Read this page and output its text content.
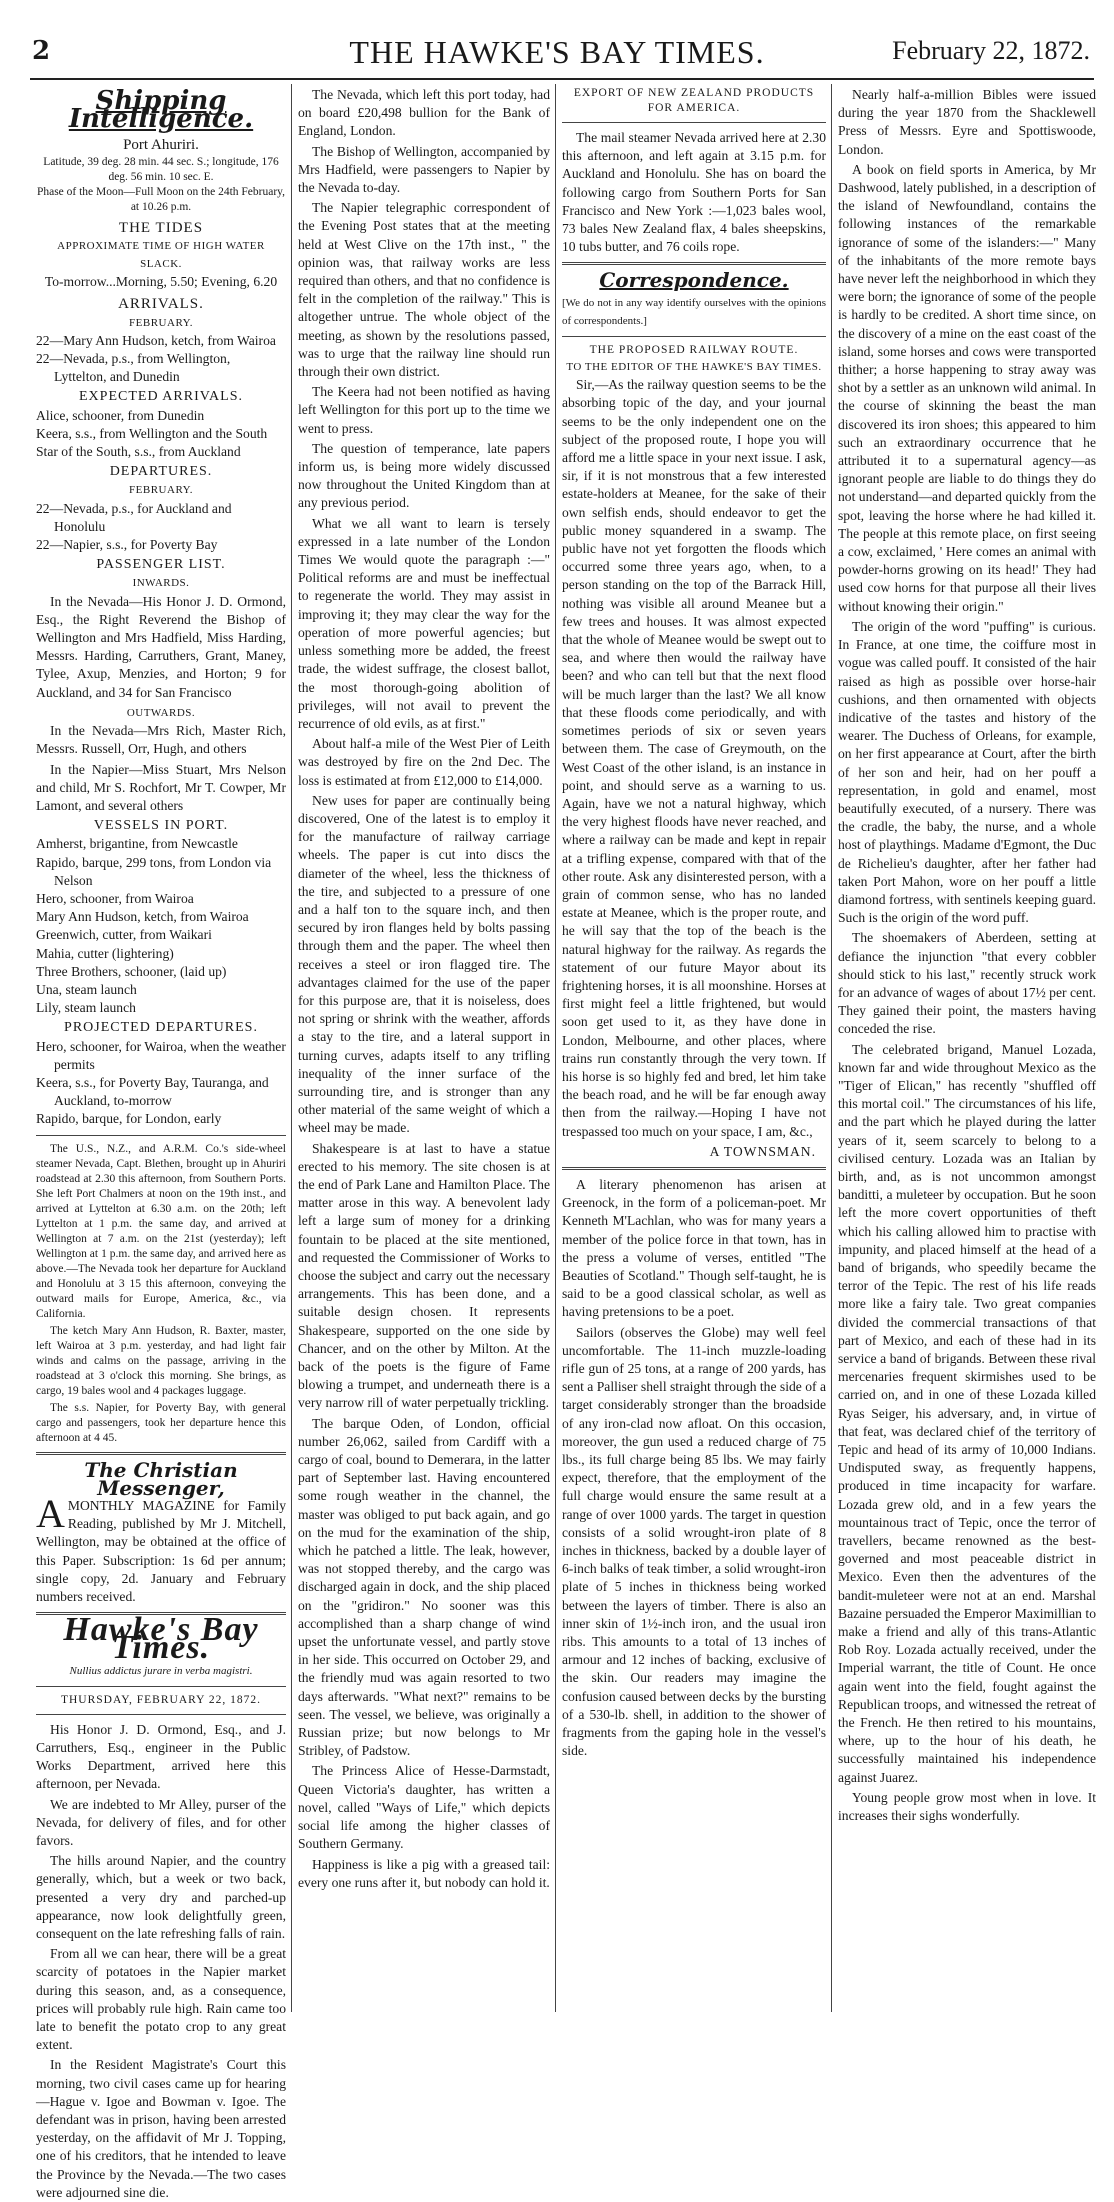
2	THE HAWKE'S BAY TIMES.	February 22, 1872.
Shipping Intelligence.
Port Ahuriri.
Latitude, 39 deg. 28 min. 44 sec. S.; longitude, 176 deg. 56 min. 10 sec. E.
Phase of the Moon—Full Moon on the 24th February, at 10.26 p.m.
THE TIDES
APPROXIMATE TIME OF HIGH WATER SLACK.
To-morrow...Morning, 5.50; Evening, 6.20
ARRIVALS.
FEBRUARY.

22—Mary Ann Hudson, ketch, from Wairoa

22—Nevada, p.s., from Wellington, Lyttelton, and Dunedin

EXPECTED ARRIVALS.

Alice, schooner, from Dunedin

Keera, s.s., from Wellington and the South

Star of the South, s.s., from Auckland

DEPARTURES.
FEBRUARY.

22—Nevada, p.s., for Auckland and Honolulu

22—Napier, s.s., for Poverty Bay

PASSENGER LIST.
INWARDS.

In the Nevada—His Honor J. D. Ormond, Esq., the Right Reverend the Bishop of Wellington and Mrs Hadfield, Miss Harding, Messrs. Harding, Carruthers, Grant, Maney, Tylee, Axup, Menzies, and Horton; 9 for Auckland, and 34 for San Francisco

OUTWARDS.

In the Nevada—Mrs Rich, Master Rich, Messrs. Russell, Orr, Hugh, and others

In the Napier—Miss Stuart, Mrs Nelson and child, Mr S. Rochfort, Mr T. Cowper, Mr Lamont, and several others

VESSELS IN PORT.

Amherst, brigantine, from Newcastle

Rapido, barque, 299 tons, from London via Nelson

Hero, schooner, from Wairoa

Mary Ann Hudson, ketch, from Wairoa

Greenwich, cutter, from Waikari

Mahia, cutter (lightering)

Three Brothers, schooner, (laid up)

Una, steam launch

Lily, steam launch

PROJECTED DEPARTURES.

Hero, schooner, for Wairoa, when the weather permits

Keera, s.s., for Poverty Bay, Tauranga, and Auckland, to-morrow

Rapido, barque, for London, early

The U.S., N.Z., and A.R.M. Co.'s side-wheel steamer Nevada, Capt. Blethen, brought up in Ahuriri roadstead at 2.30 this afternoon, from Southern Ports. She left Port Chalmers at noon on the 19th inst., and arrived at Lyttelton at 6.30 a.m. on the 20th; left Lyttelton at 1 p.m. the same day, and arrived at Wellington at 7 a.m. on the 21st (yesterday); left Wellington at 1 p.m. the same day, and arrived here as above.—The Nevada took her departure for Auckland and Honolulu at 3 15 this afternoon, conveying the outward mails for Europe, America, &c., via California.

The ketch Mary Ann Hudson, R. Baxter, master, left Wairoa at 3 p.m. yesterday, and had light fair winds and calms on the passage, arriving in the roadstead at 3 o'clock this morning. She brings, as cargo, 19 bales wool and 4 packages luggage.

The s.s. Napier, for Poverty Bay, with general cargo and passengers, took her departure hence this afternoon at 4 45.

The Christian Messenger,

AMONTHLY MAGAZINE for Family Reading, published by Mr J. Mitchell, Wellington, may be obtained at the office of this Paper. Subscription: 1s 6d per annum; single copy, 2d. January and February numbers received.

Hawke's Bay Times.
Nullius addictus jurare in verba magistri.
THURSDAY, FEBRUARY 22, 1872.

His Honor J. D. Ormond, Esq., and J. Carruthers, Esq., engineer in the Public Works Department, arrived here this afternoon, per Nevada.

We are indebted to Mr Alley, purser of the Nevada, for delivery of files, and for other favors.

The hills around Napier, and the country generally, which, but a week or two back, presented a very dry and parched-up appearance, now look delightfully green, consequent on the late refreshing falls of rain.

From all we can hear, there will be a great scarcity of potatoes in the Napier market during this season, and, as a consequence, prices will probably rule high. Rain came too late to benefit the potato crop to any great extent.

In the Resident Magistrate's Court this morning, two civil cases came up for hearing—Hague v. Igoe and Bowman v. Igoe. The defendant was in prison, having been arrested yesterday, on the affidavit of Mr J. Topping, one of his creditors, that he intended to leave the Province by the Nevada.—The two cases were adjourned sine die.

The Nevada, which left this port today, had on board £20,498 bullion for the Bank of England, London.

The Bishop of Wellington, accompanied by Mrs Hadfield, were passengers to Napier by the Nevada to-day.

The Napier telegraphic correspondent of the Evening Post states that at the meeting held at West Clive on the 17th inst., " the opinion was, that railway works are less required than others, and that no confidence is felt in the completion of the railway." This is altogether untrue. The whole object of the meeting, as shown by the resolutions passed, was to urge that the railway line should run through their own district.

The Keera had not been notified as having left Wellington for this port up to the time we went to press.

The question of temperance, late papers inform us, is being more widely discussed now throughout the United Kingdom than at any previous period.

What we all want to learn is tersely expressed in a late number of the London Times We would quote the paragraph :—" Political reforms are and must be ineffectual to regenerate the world. They may assist in improving it; they may clear the way for the operation of more powerful agencies; but unless something more be added, the freest trade, the widest suffrage, the closest ballot, the most thorough-going abolition of privileges, will not avail to prevent the recurrence of old evils, as at first."

About half-a mile of the West Pier of Leith was destroyed by fire on the 2nd Dec. The loss is estimated at from £12,000 to £14,000.

New uses for paper are continually being discovered, One of the latest is to employ it for the manufacture of railway carriage wheels. The paper is cut into discs the diameter of the wheel, less the thickness of the tire, and subjected to a pressure of one and a half ton to the square inch, and then secured by iron flanges held by bolts passing through them and the paper. The wheel then receives a steel or iron flagged tire. The advantages claimed for the use of the paper for this purpose are, that it is noiseless, does not spring or shrink with the weather, affords a stay to the tire, and a lateral support in turning curves, adapts itself to any trifling inequality of the inner surface of the surrounding tire, and is stronger than any other material of the same weight of which a wheel may be made.

Shakespeare is at last to have a statue erected to his memory. The site chosen is at the end of Park Lane and Hamilton Place. The matter arose in this way. A benevolent lady left a large sum of money for a drinking fountain to be placed at the site mentioned, and requested the Commissioner of Works to choose the subject and carry out the necessary arrangements. This has been done, and a suitable design chosen. It represents Shakespeare, supported on the one side by Chancer, and on the other by Milton. At the back of the poets is the figure of Fame blowing a trumpet, and underneath there is a very narrow rill of water perpetually trickling.

The barque Oden, of London, official number 26,062, sailed from Cardiff with a cargo of coal, bound to Demerara, in the latter part of September last. Having encountered some rough weather in the channel, the master was obliged to put back again, and go on the mud for the examination of the ship, which he patched a little. The leak, however, was not stopped thereby, and the cargo was discharged again in dock, and the ship placed on the "gridiron." No sooner was this accomplished than a sharp change of wind upset the unfortunate vessel, and partly stove in her side. This occurred on October 29, and the friendly mud was again resorted to two days afterwards. "What next?" remains to be seen. The vessel, we believe, was originally a Russian prize; but now belongs to Mr Stribley, of Padstow.

The Princess Alice of Hesse-Darmstadt, Queen Victoria's daughter, has written a novel, called "Ways of Life," which depicts social life among the higher classes of Southern Germany.

Happiness is like a pig with a greased tail: every one runs after it, but nobody can hold it.

EXPORT OF NEW ZEALAND PRODUCTS FOR AMERICA.

The mail steamer Nevada arrived here at 2.30 this afternoon, and left again at 3.15 p.m. for Auckland and Honolulu. She has on board the following cargo from Southern Ports for San Francisco and New York :—1,023 bales wool, 73 bales New Zealand flax, 4 bales sheepskins, 10 tubs butter, and 76 coils rope.

Correspondence.

[We do not in any way identify ourselves with the opinions of correspondents.]

THE PROPOSED RAILWAY ROUTE.
TO THE EDITOR OF THE HAWKE'S BAY TIMES.

Sir,—As the railway question seems to be the absorbing topic of the day, and your journal seems to be the only independent one on the subject of the proposed route, I hope you will afford me a little space in your next issue. I ask, sir, if it is not monstrous that a few interested estate-holders at Meanee, for the sake of their own selfish ends, should endeavor to get the public money squandered in a swamp. The public have not yet forgotten the floods which occurred some three years ago, when, to a person standing on the top of the Barrack Hill, nothing was visible all around Meanee but a few trees and houses. It was almost expected that the whole of Meanee would be swept out to sea, and where then would the railway have been? and who can tell but that the next flood will be much larger than the last? We all know that these floods come periodically, and with sometimes periods of six or seven years between them. The case of Greymouth, on the West Coast of the other island, is an instance in point, and should serve as a warning to us. Again, have we not a natural highway, which the very highest floods have never reached, and where a railway can be made and kept in repair at a trifling expense, compared with that of the other route. Ask any disinterested person, with a grain of common sense, who has no landed estate at Meanee, which is the proper route, and he will say that the top of the beach is the natural highway for the railway. As regards the statement of our future Mayor about its frightening horses, it is all moonshine. Horses at first might feel a little frightened, but would soon get used to it, as they have done in London, Melbourne, and other places, where trains run constantly through the very town. If his horse is so highly fed and bred, let him take the beach road, and he will be far enough away then from the railway.—Hoping I have not trespassed too much on your space, I am, &c.,

A TOWNSMAN.

A literary phenomenon has arisen at Greenock, in the form of a policeman-poet. Mr Kenneth M'Lachlan, who was for many years a member of the police force in that town, has in the press a volume of verses, entitled "The Beauties of Scotland." Though self-taught, he is said to be a good classical scholar, as well as having pretensions to be a poet.

Sailors (observes the Globe) may well feel uncomfortable. The 11-inch muzzle-loading rifle gun of 25 tons, at a range of 200 yards, has sent a Palliser shell straight through the side of a target considerably stronger than the broadside of any iron-clad now afloat. On this occasion, moreover, the gun used a reduced charge of 75 lbs., its full charge being 85 lbs. We may fairly expect, therefore, that the employment of the full charge would ensure the same result at a range of over 1000 yards. The target in question consists of a solid wrought-iron plate of 8 inches in thickness, backed by a double layer of 6-inch balks of teak timber, a solid wrought-iron plate of 5 inches in thickness being worked between the layers of timber. There is also an inner skin of 1½-inch iron, and the usual iron ribs. This amounts to a total of 13 inches of armour and 12 inches of backing, exclusive of the skin. Our readers may imagine the confusion caused between decks by the bursting of a 530-lb. shell, in addition to the shower of fragments from the gaping hole in the vessel's side.

Nearly half-a-million Bibles were issued during the year 1870 from the Shacklewell Press of Messrs. Eyre and Spottiswoode, London.

A book on field sports in America, by Mr Dashwood, lately published, in a description of the island of Newfoundland, contains the following instances of the remarkable ignorance of some of the islanders:—" Many of the inhabitants of the more remote bays have never left the neighborhood in which they were born; the ignorance of some of the people is hardly to be credited. A short time since, on the discovery of a mine on the east coast of the island, some horses and cows were transported thither; a horse happening to stray away was shot by a settler as an unknown wild animal. In the course of skinning the beast the man discovered its iron shoes; this appeared to him such an extraordinary occurrence that he attributed it to a supernatural agency—as ignorant people are liable to do things they do not understand—and departed quickly from the spot, leaving the horse where he had killed it. The people at this remote place, on first seeing a cow, exclaimed, ' Here comes an animal with powder-horns growing on its head!' They had used cow horns for that purpose all their lives without knowing their origin."

The origin of the word "puffing" is curious. In France, at one time, the coiffure most in vogue was called pouff. It consisted of the hair raised as high as possible over horse-hair cushions, and then ornamented with objects indicative of the tastes and history of the wearer. The Duchess of Orleans, for example, on her first appearance at Court, after the birth of her son and heir, had on her pouff a representation, in gold and enamel, most beautifully executed, of a nursery. There was the cradle, the baby, the nurse, and a whole host of playthings. Madame d'Egmont, the Duc de Richelieu's daughter, after her father had taken Port Mahon, wore on her pouff a little diamond fortress, with sentinels keeping guard. Such is the origin of the word puff.

The shoemakers of Aberdeen, setting at defiance the injunction "that every cobbler should stick to his last," recently struck work for an advance of wages of about 17½ per cent. They gained their point, the masters having conceded the rise.

The celebrated brigand, Manuel Lozada, known far and wide throughout Mexico as the "Tiger of Elican," has recently "shuffled off this mortal coil." The circumstances of his life, and the part which he played during the latter years of it, seem scarcely to belong to a civilised century. Lozada was an Italian by birth, and, as is not uncommon amongst banditti, a muleteer by occupation. But he soon left the more covert opportunities of theft which his calling allowed him to practise with impunity, and placed himself at the head of a band of brigands, who speedily became the terror of the Tepic. The rest of his life reads more like a fairy tale. Two great companies divided the commercial transactions of that part of Mexico, and each of these had in its service a band of brigands. Between these rival mercenaries frequent skirmishes used to be carried on, and in one of these Lozada killed Ryas Seiger, his adversary, and, in virtue of that feat, was declared chief of the territory of Tepic and head of its army of 10,000 Indians. Undisputed sway, as frequently happens, produced in time incapacity for warfare. Lozada grew old, and in a few years the mountainous tract of Tepic, once the terror of travellers, became renowned as the best-governed and most peaceable district in Mexico. Even then the adventures of the bandit-muleteer were not at an end. Marshal Bazaine persuaded the Emperor Maximillian to make a friend and ally of this trans-Atlantic Rob Roy. Lozada actually received, under the Imperial warrant, the title of Count. He once again went into the field, fought against the Republican troops, and witnessed the retreat of the French. He then retired to his mountains, where, up to the hour of his death, he successfully maintained his independence against Juarez.

Young people grow most when in love. It increases their sighs wonderfully.
